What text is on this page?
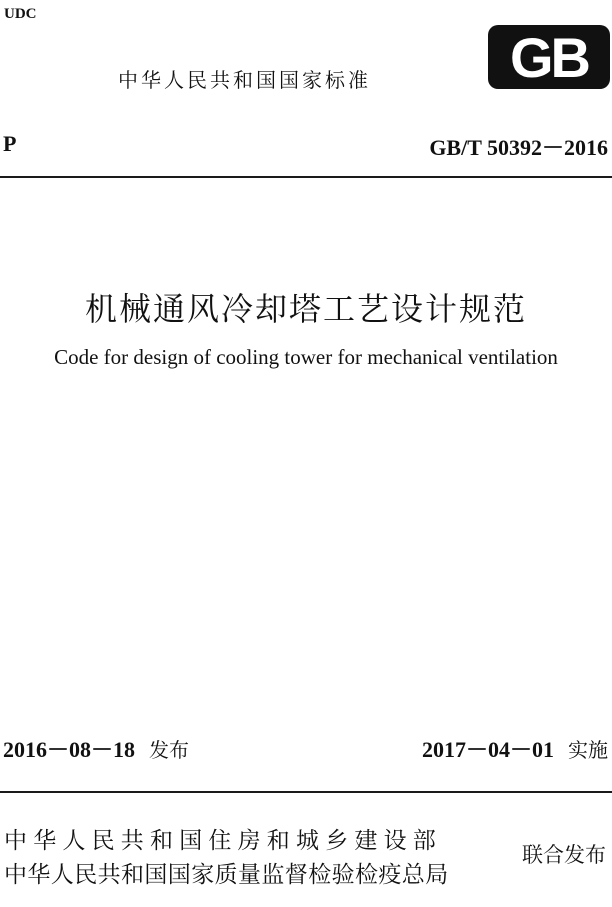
UDC
中华人民共和国国家标准 GB
P	GB/T 50392－2016
机械通风冷却塔工艺设计规范
Code for design of cooling tower for mechanical ventilation
2016－08－18 发布	2017－04－01 实施
中华人民共和国住房和城乡建设部
中华人民共和国国家质量监督检验检疫总局
联合发布
